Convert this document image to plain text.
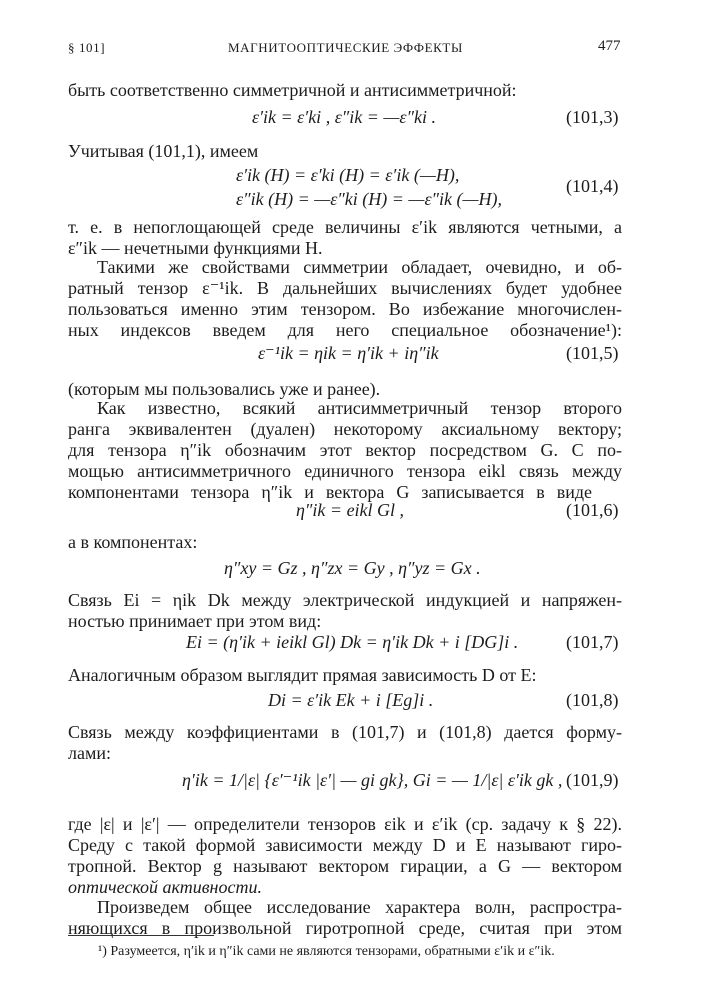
§ 101]	МАГНИТООПТИЧЕСКИЕ ЭФФЕКТЫ	477
быть соответственно симметричной и антисимметричной:
ε′ik = ε′ki , ε″ik = —ε″ki .	(101,3)
Учитывая (101,1), имеем
ε′ik (H) = ε′ki (H) = ε′ik (—H),
ε″ik (H) = —ε″ki (H) = —ε″ik (—H),
(101,4)
т. е. в непоглощающей среде величины ε′ik являются четными, а
ε″ik — нечетными функциями H.
Такими же свойствами симметрии обладает, очевидно, и об-
ратный тензор ε⁻¹ik. В дальнейших вычислениях будет удобнее
пользоваться именно этим тензором. Во избежание многочислен-
ных индексов введем для него специальное обозначение¹):
ε⁻¹ik = ηik = η′ik + iη″ik	(101,5)
(которым мы пользовались уже и ранее).
Как известно, всякий антисимметричный тензор второго
ранга эквивалентен (дуален) некоторому аксиальному вектору;
для тензора η″ik обозначим этот вектор посредством G. С по-
мощью антисимметричного единичного тензора eikl связь между
компонентами тензора η″ik и вектора G записывается в виде
η″ik = eikl Gl ,	(101,6)
а в компонентах:
η″xy = Gz , η″zx = Gy , η″yz = Gx .
Связь Ei = ηik Dk между электрической индукцией и напряжен-
ностью принимает при этом вид:
Ei = (η′ik + ieikl Gl) Dk = η′ik Dk + i [DG]i .	(101,7)
Аналогичным образом выглядит прямая зависимость D от E:
Di = ε′ik Ek + i [Eg]i .	(101,8)
Связь между коэффициентами в (101,7) и (101,8) дается форму-
лами:
η′ik = 1/|ε| {ε′⁻¹ik |ε′| — gi gk}, Gi = — 1/|ε| ε′ik gk , (101,9)
где |ε| и |ε′| — определители тензоров εik и ε′ik (ср. задачу к § 22).
Среду с такой формой зависимости между D и E называют гиро-
тропной. Вектор g называют вектором гирации, а G — вектором
оптической активности.
Произведем общее исследование характера волн, распростра-
няющихся в произвольной гиротропной среде, считая при этом
¹) Разумеется, η′ik и η″ik сами не являются тензорами, обратными ε′ik и ε″ik.
